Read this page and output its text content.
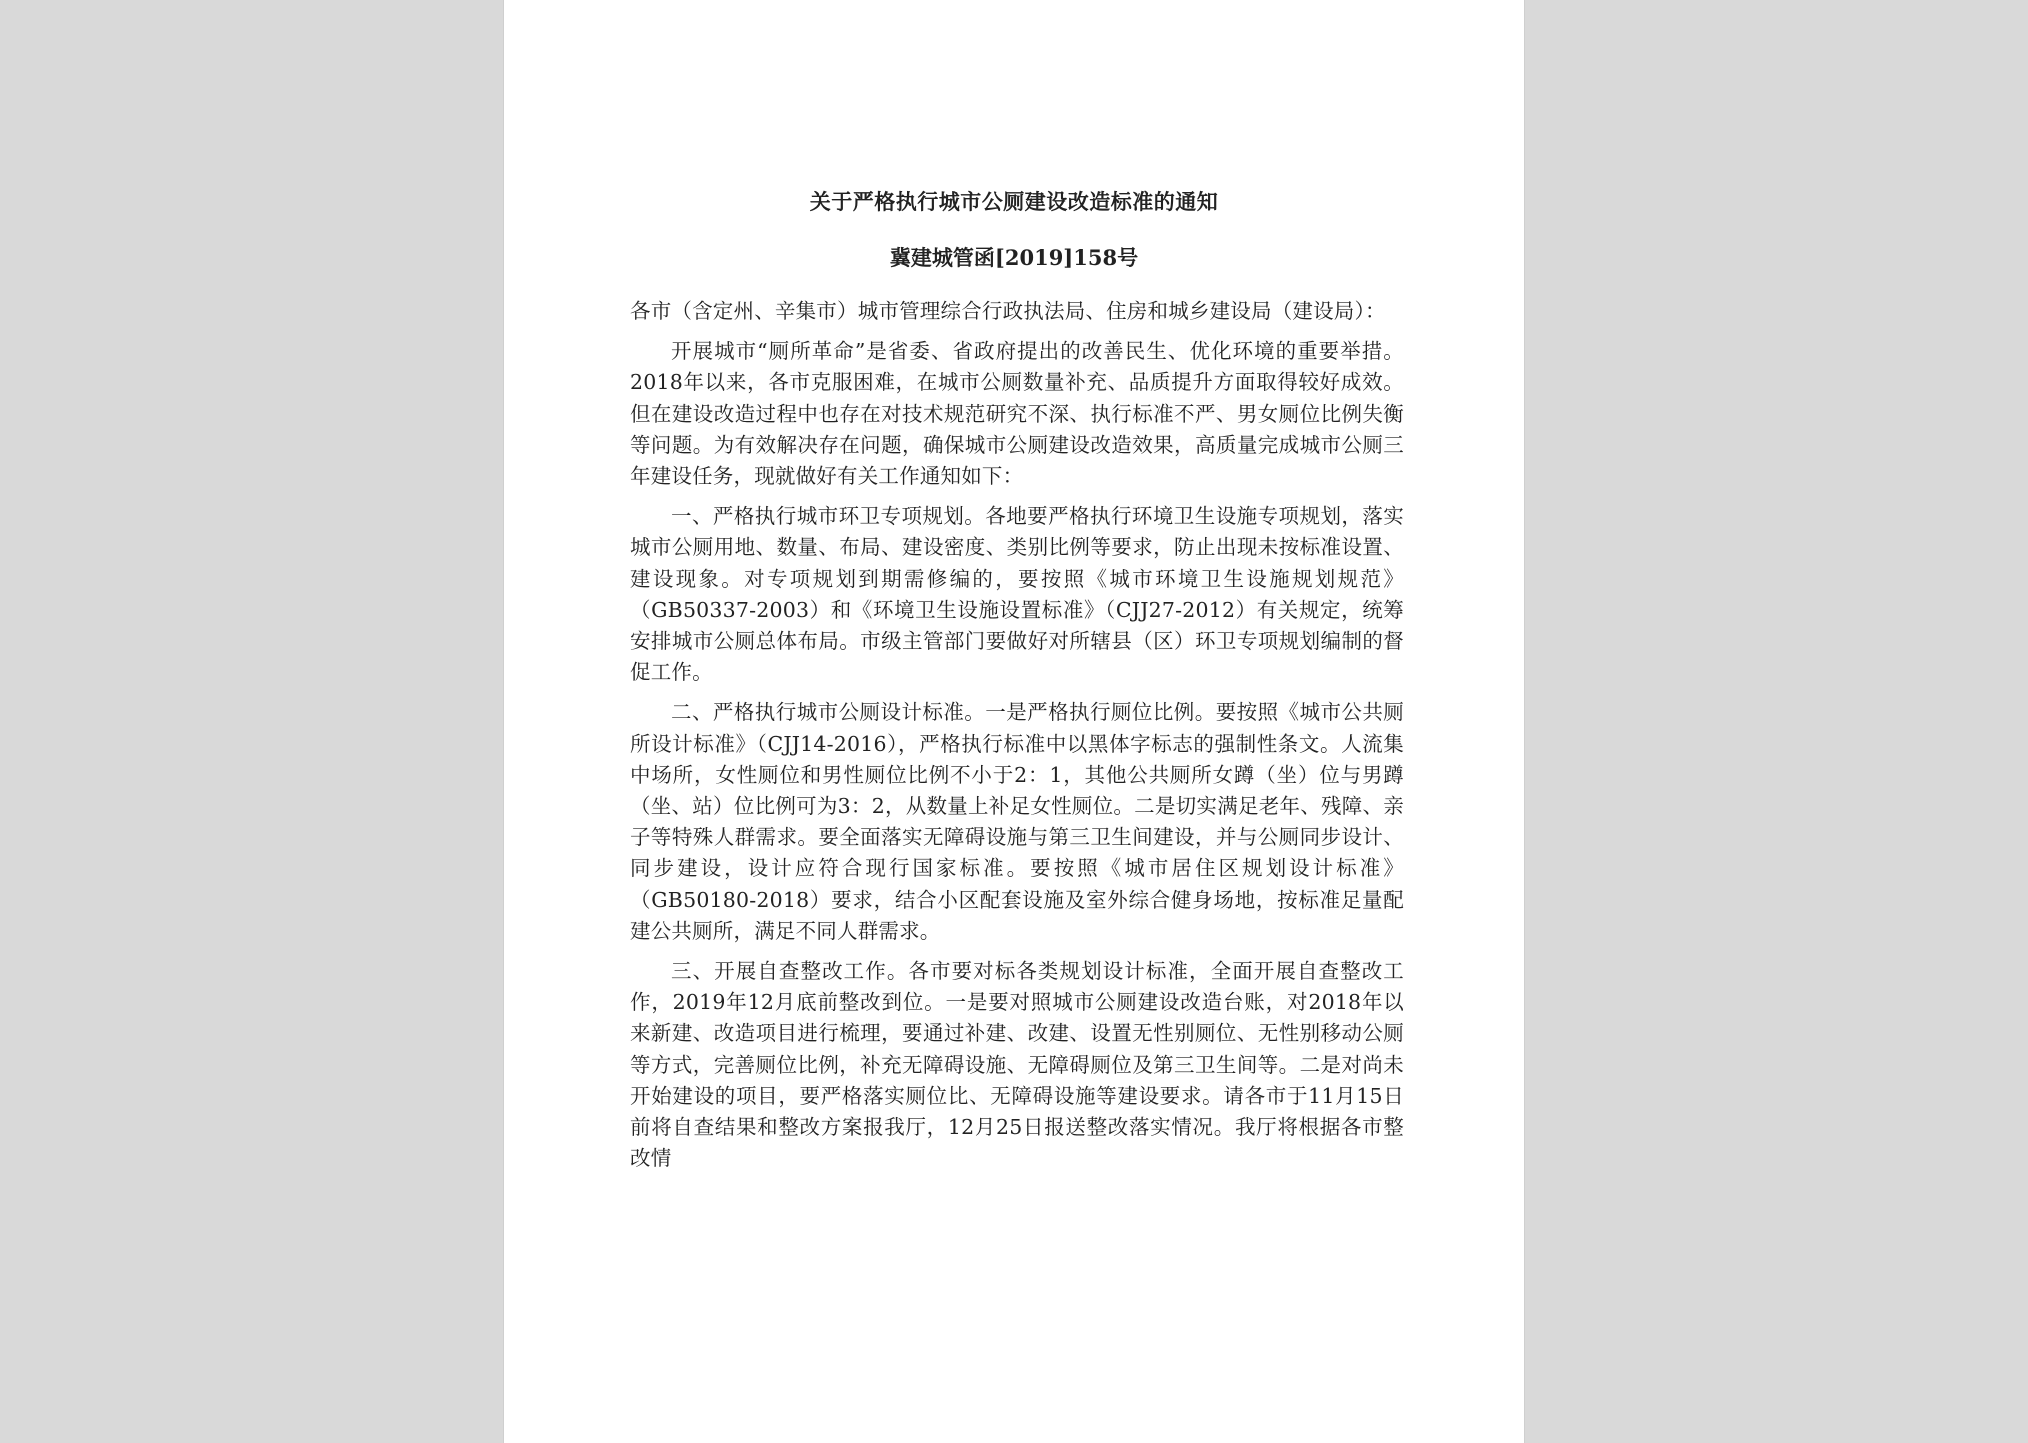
关于严格执行城市公厕建设改造标准的通知
冀建城管函[2019]158号

各市（含定州、辛集市）城市管理综合行政执法局、住房和城乡建设局（建设局）：

开展城市“厕所革命”是省委、省政府提出的改善民生、优化环境的重要举措。2018年以来，各市克服困难，在城市公厕数量补充、品质提升方面取得较好成效。但在建设改造过程中也存在对技术规范研究不深、执行标准不严、男女厕位比例失衡等问题。为有效解决存在问题，确保城市公厕建设改造效果，高质量完成城市公厕三年建设任务，现就做好有关工作通知如下：

一、严格执行城市环卫专项规划。各地要严格执行环境卫生设施专项规划，落实城市公厕用地、数量、布局、建设密度、类别比例等要求，防止出现未按标准设置、建设现象。对专项规划到期需修编的，要按照《城市环境卫生设施规划规范》（GB50337-2003）和《环境卫生设施设置标准》（CJJ27-2012）有关规定，统筹安排城市公厕总体布局。市级主管部门要做好对所辖县（区）环卫专项规划编制的督促工作。

二、严格执行城市公厕设计标准。一是严格执行厕位比例。要按照《城市公共厕所设计标准》（CJJ14-2016），严格执行标准中以黑体字标志的强制性条文。人流集中场所，女性厕位和男性厕位比例不小于2：1，其他公共厕所女蹲（坐）位与男蹲（坐、站）位比例可为3：2，从数量上补足女性厕位。二是切实满足老年、残障、亲子等特殊人群需求。要全面落实无障碍设施与第三卫生间建设，并与公厕同步设计、同步建设，设计应符合现行国家标准。要按照《城市居住区规划设计标准》（GB50180-2018）要求，结合小区配套设施及室外综合健身场地，按标准足量配建公共厕所，满足不同人群需求。

三、开展自查整改工作。各市要对标各类规划设计标准，全面开展自查整改工作，2019年12月底前整改到位。一是要对照城市公厕建设改造台账，对2018年以来新建、改造项目进行梳理，要通过补建、改建、设置无性别厕位、无性别移动公厕等方式，完善厕位比例，补充无障碍设施、无障碍厕位及第三卫生间等。二是对尚未开始建设的项目，要严格落实厕位比、无障碍设施等建设要求。请各市于11月15日前将自查结果和整改方案报我厅，12月25日报送整改落实情况。我厅将根据各市整改情
